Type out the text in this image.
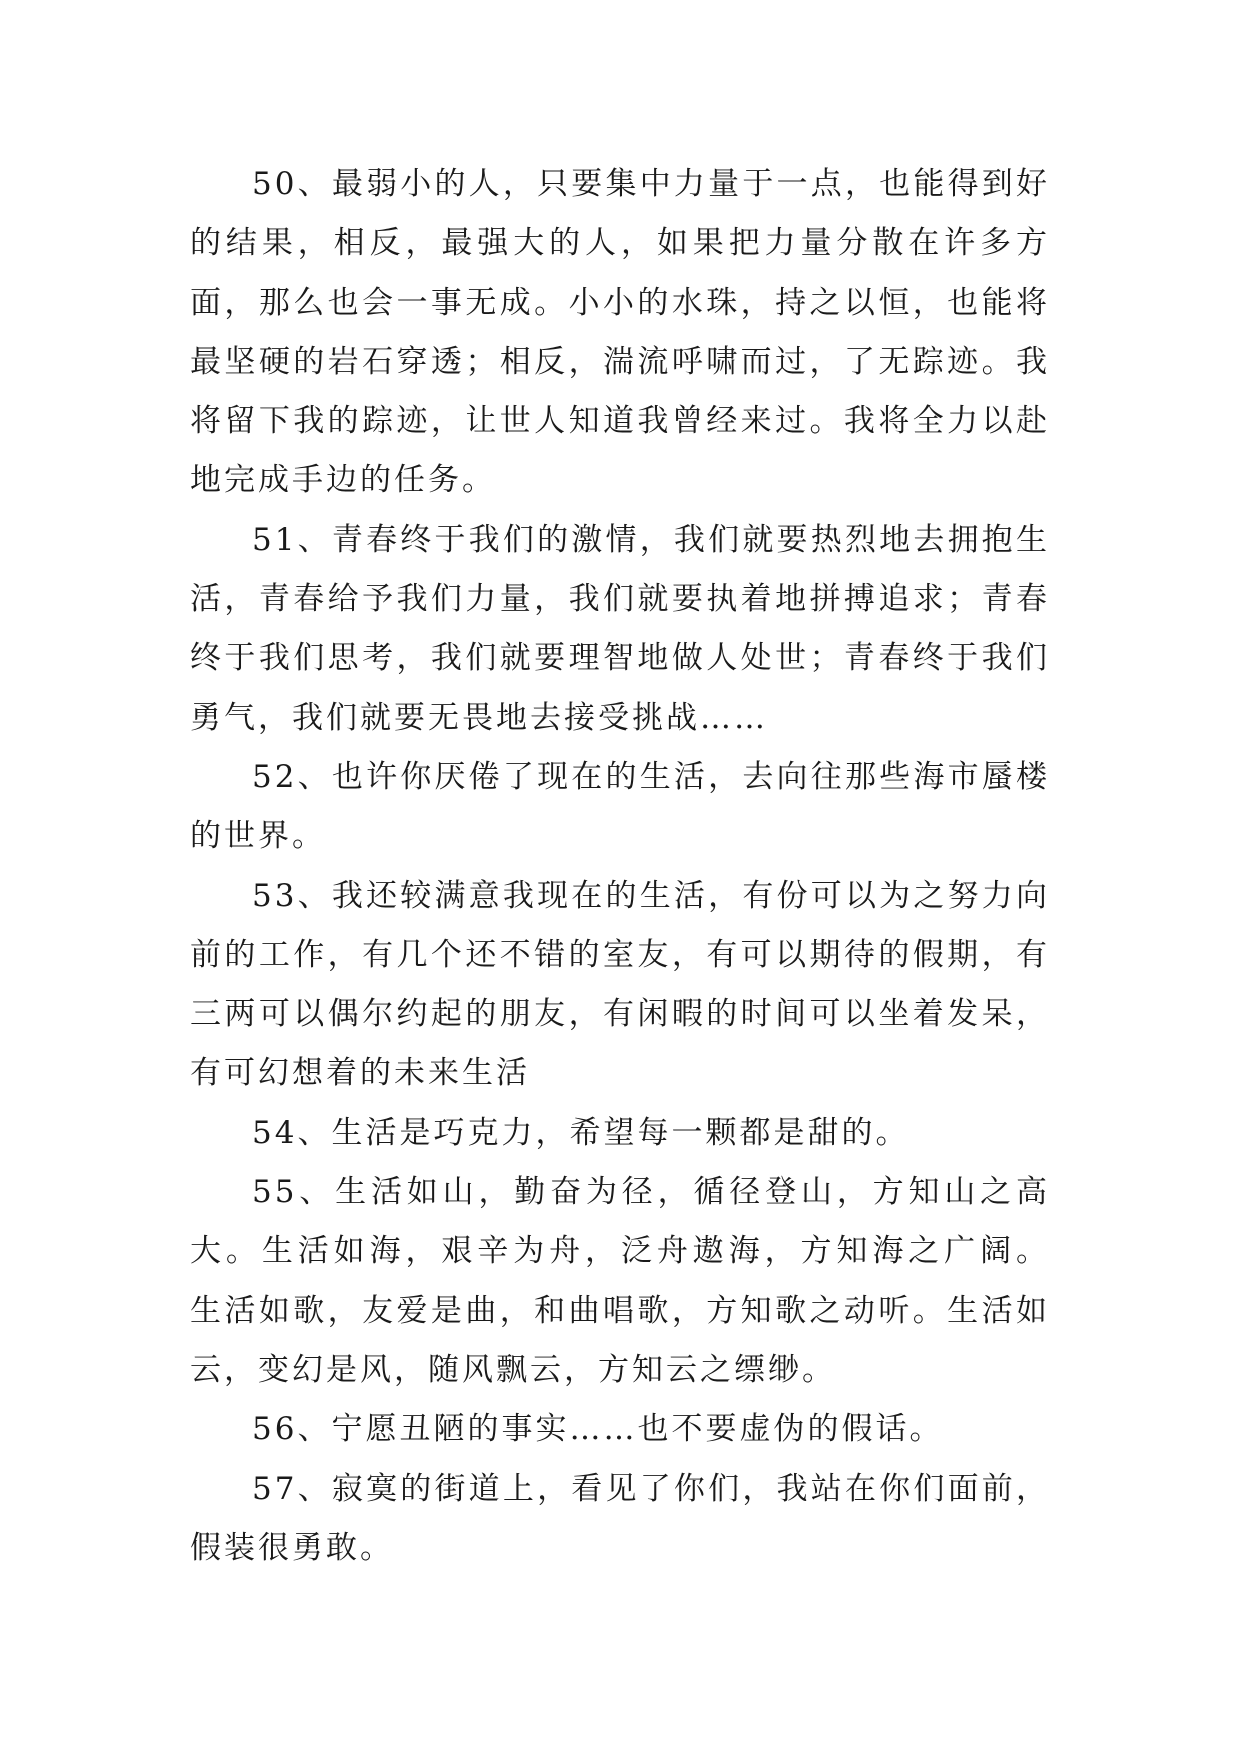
50、最弱小的人，只要集中力量于一点，也能得到好的结果，相反，最强大的人，如果把力量分散在许多方面，那么也会一事无成。小小的水珠，持之以恒，也能将最坚硬的岩石穿透；相反，湍流呼啸而过，了无踪迹。我将留下我的踪迹，让世人知道我曾经来过。我将全力以赴地完成手边的任务。

51、青春终于我们的激情，我们就要热烈地去拥抱生活，青春给予我们力量，我们就要执着地拼搏追求；青春终于我们思考，我们就要理智地做人处世；青春终于我们勇气，我们就要无畏地去接受挑战……

52、也许你厌倦了现在的生活，去向往那些海市蜃楼的世界。

53、我还较满意我现在的生活，有份可以为之努力向前的工作，有几个还不错的室友，有可以期待的假期，有三两可以偶尔约起的朋友，有闲暇的时间可以坐着发呆，有可幻想着的未来生活

54、生活是巧克力，希望每一颗都是甜的。

55、生活如山，勤奋为径，循径登山，方知山之高大。生活如海，艰辛为舟，泛舟遨海，方知海之广阔。 生活如歌，友爱是曲，和曲唱歌，方知歌之动听。生活如云，变幻是风，随风飘云，方知云之缥缈。

56、宁愿丑陋的事实……也不要虚伪的假话。

57、寂寞的街道上，看见了你们，我站在你们面前，假装很勇敢。
